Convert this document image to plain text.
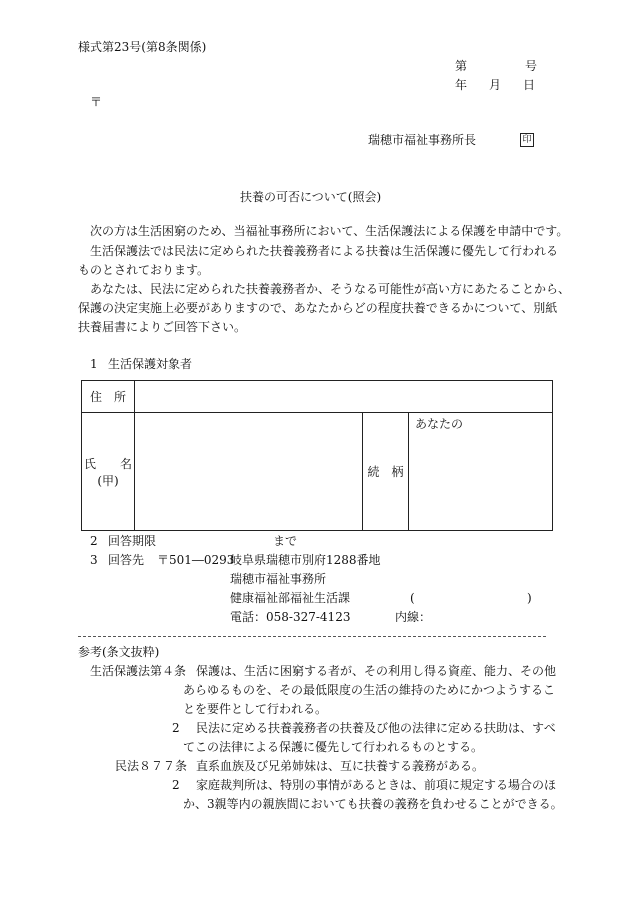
様式第23号(第8条関係)
第	号
年 月 日
〒
瑞穂市福祉事務所長	印
扶養の可否について(照会)
次の方は生活困窮のため、当福祉事務所において、生活保護法による保護を申請中です。
生活保護法では民法に定められた扶養義務者による扶養は生活保護に優先して行われる
ものとされております。
あなたは、民法に定められた扶養義務者か、そうなる可能性が高い方にあたることから、
保護の決定実施上必要がありますので、あなたからどの程度扶養できるかについて、別紙
扶養届書によりご回答下さい。
1 生活保護対象者
住　所			

氏　　名
(甲)		続　柄	あなたの
2 回答期限	まで
3 回答先 〒501―0293
岐阜県瑞穂市別府1288番地
瑞穂市福祉事務所
健康福祉部福祉生活課	(	)
電話：058-327-4123	内線：
参考(条文抜粋)
生活保護法第４条 保護は、生活に困窮する者が、その利用し得る資産、能力、その他
あらゆるものを、その最低限度の生活の維持のためにかつようするこ
とを要件として行われる。
2 民法に定める扶養義務者の扶養及び他の法律に定める扶助は、すべ
てこの法律による保護に優先して行われるものとする。
民法８７７条 直系血族及び兄弟姉妹は、互に扶養する義務がある。
2 家庭裁判所は、特別の事情があるときは、前項に規定する場合のほ
か、3親等内の親族間においても扶養の義務を負わせることができる。
